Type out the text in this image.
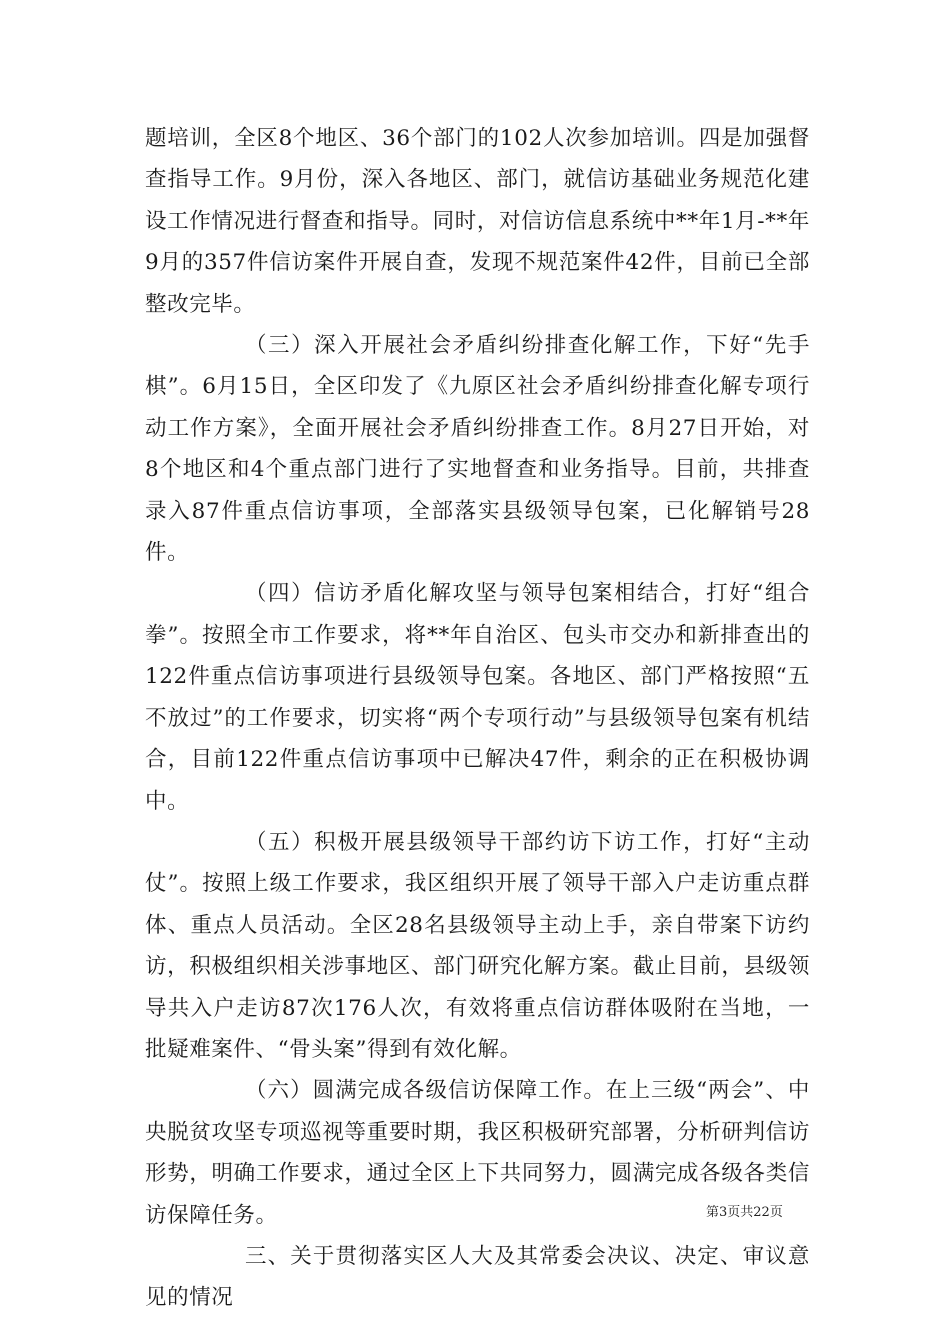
题培训，全区8个地区、36个部门的102人次参加培训。四是加强督查指导工作。9月份，深入各地区、部门，就信访基础业务规范化建设工作情况进行督查和指导。同时，对信访信息系统中**年1月-**年9月的357件信访案件开展自查，发现不规范案件42件，目前已全部整改完毕。

（三）深入开展社会矛盾纠纷排查化解工作，下好“先手棋”。6月15日，全区印发了《九原区社会矛盾纠纷排查化解专项行动工作方案》，全面开展社会矛盾纠纷排查工作。8月27日开始，对8个地区和4个重点部门进行了实地督查和业务指导。目前，共排查录入87件重点信访事项，全部落实县级领导包案，已化解销号28件。

（四）信访矛盾化解攻坚与领导包案相结合，打好“组合拳”。按照全市工作要求，将**年自治区、包头市交办和新排查出的122件重点信访事项进行县级领导包案。各地区、部门严格按照“五不放过”的工作要求，切实将“两个专项行动”与县级领导包案有机结合，目前122件重点信访事项中已解决47件，剩余的正在积极协调中。

（五）积极开展县级领导干部约访下访工作，打好“主动仗”。按照上级工作要求，我区组织开展了领导干部入户走访重点群体、重点人员活动。全区28名县级领导主动上手，亲自带案下访约访，积极组织相关涉事地区、部门研究化解方案。截止目前，县级领导共入户走访87次176人次，有效将重点信访群体吸附在当地，一批疑难案件、“骨头案”得到有效化解。

（六）圆满完成各级信访保障工作。在上三级“两会”、中央脱贫攻坚专项巡视等重要时期，我区积极研究部署，分析研判信访形势，明确工作要求，通过全区上下共同努力，圆满完成各级各类信访保障任务。

三、关于贯彻落实区人大及其常委会决议、决定、审议意见的情况

第3页共22页
